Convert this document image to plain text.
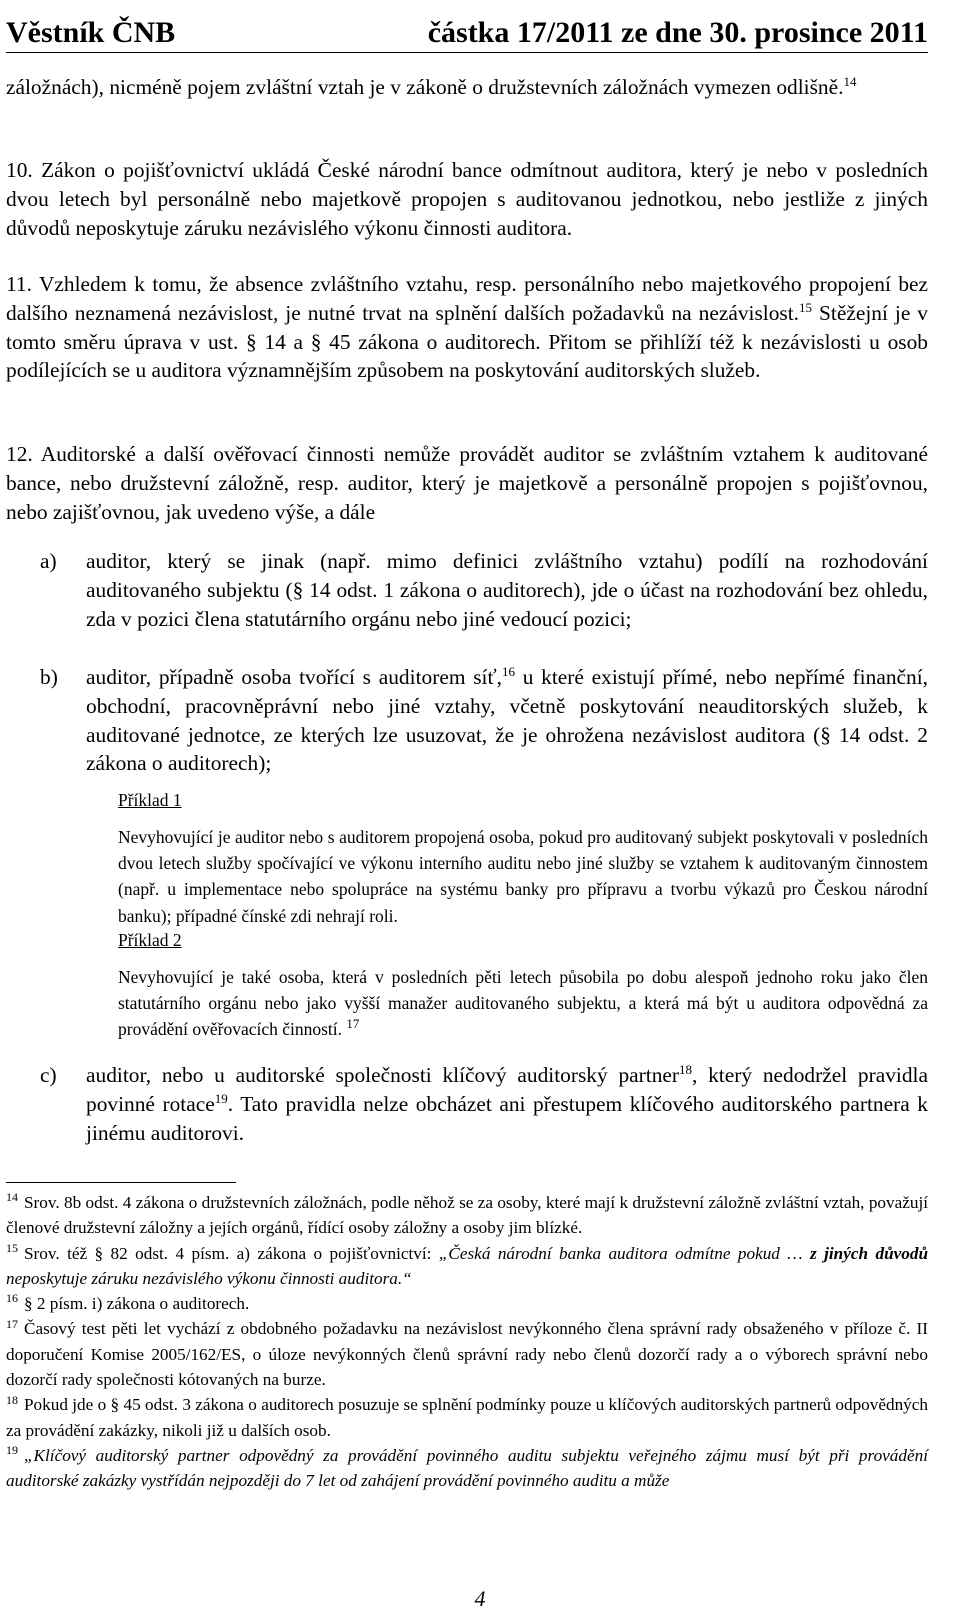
Věstník ČNB	částka 17/2011 ze dne 30. prosince 2011

záložnách), nicméně pojem zvláštní vztah je v zákoně o družstevních záložnách vymezen odlišně.$^{14}$

10. Zákon o pojišťovnictví ukládá České národní bance odmítnout auditora, který je nebo v posledních dvou letech byl personálně nebo majetkově propojen s auditovanou jednotkou, nebo jestliže z jiných důvodů neposkytuje záruku nezávislého výkonu činnosti auditora.

11. Vzhledem k tomu, že absence zvláštního vztahu, resp. personálního nebo majetkového propojení bez dalšího neznamená nezávislost, je nutné trvat na splnění dalších požadavků na nezávislost.$^{15}$ Stěžejní je v tomto směru úprava v ust. § 14 a § 45 zákona o auditorech. Přitom se přihlíží též k nezávislosti u osob podílejících se u auditora významnějším způsobem na poskytování auditorských služeb.

12. Auditorské a další ověřovací činnosti nemůže provádět auditor se zvláštním vztahem k auditované bance, nebo družstevní záložně, resp. auditor, který je majetkově a personálně propojen s pojišťovnou, nebo zajišťovnou, jak uvedeno výše, a dále

a) auditor, který se jinak (např. mimo definici zvláštního vztahu) podílí na rozhodování auditovaného subjektu (§ 14 odst. 1 zákona o auditorech), jde o účast na rozhodování bez ohledu, zda v pozici člena statutárního orgánu nebo jiné vedoucí pozici;
b) auditor, případně osoba tvořící s auditorem síť,$^{16}$ u které existují přímé, nebo nepřímé finanční, obchodní, pracovněprávní nebo jiné vztahy, včetně poskytování neauditorských služeb, k auditované jednotce, ze kterých lze usuzovat, že je ohrožena nezávislost auditora (§ 14 odst. 2 zákona o auditorech);
Příklad 1

Nevyhovující je auditor nebo s auditorem propojená osoba, pokud pro auditovaný subjekt poskytovali v posledních dvou letech služby spočívající ve výkonu interního auditu nebo jiné služby se vztahem k auditovaným činnostem (např. u implementace nebo spolupráce na systému banky pro přípravu a tvorbu výkazů pro Českou národní banku); případné čínské zdi nehrají roli.

Příklad 2

Nevyhovující je také osoba, která v posledních pěti letech působila po dobu alespoň jednoho roku jako člen statutárního orgánu nebo jako vyšší manažer auditovaného subjektu, a která má být u auditora odpovědná za provádění ověřovacích činností. $^{17}$

c) auditor, nebo u auditorské společnosti klíčový auditorský partner$^{18}$, který nedodržel pravidla povinné rotace$^{19}$. Tato pravidla nelze obcházet ani přestupem klíčového auditorského partnera k jinému auditorovi.

$^{14}$ Srov. 8b odst. 4 zákona o družstevních záložnách, podle něhož se za osoby, které mají k družstevní záložně zvláštní vztah, považují členové družstevní záložny a jejích orgánů, řídící osoby záložny a osoby jim blízké.

$^{15}$ Srov. též § 82 odst. 4 písm. a) zákona o pojišťovnictví: „Česká národní banka auditora odmítne pokud … z jiných důvodů neposkytuje záruku nezávislého výkonu činnosti auditora.“

$^{16}$ § 2 písm. i) zákona o auditorech.

$^{17}$ Časový test pěti let vychází z obdobného požadavku na nezávislost nevýkonného člena správní rady obsaženého v příloze č. II doporučení Komise 2005/162/ES, o úloze nevýkonných členů správní rady nebo členů dozorčí rady a o výborech správní nebo dozorčí rady společnosti kótovaných na burze.

$^{18}$ Pokud jde o § 45 odst. 3 zákona o auditorech posuzuje se splnění podmínky pouze u klíčových auditorských partnerů odpovědných za provádění zakázky, nikoli již u dalších osob.

$^{19}$ „Klíčový auditorský partner odpovědný za provádění povinného auditu subjektu veřejného zájmu musí být při provádění auditorské zakázky vystřídán nejpozději do 7 let od zahájení provádění povinného auditu a může

4
